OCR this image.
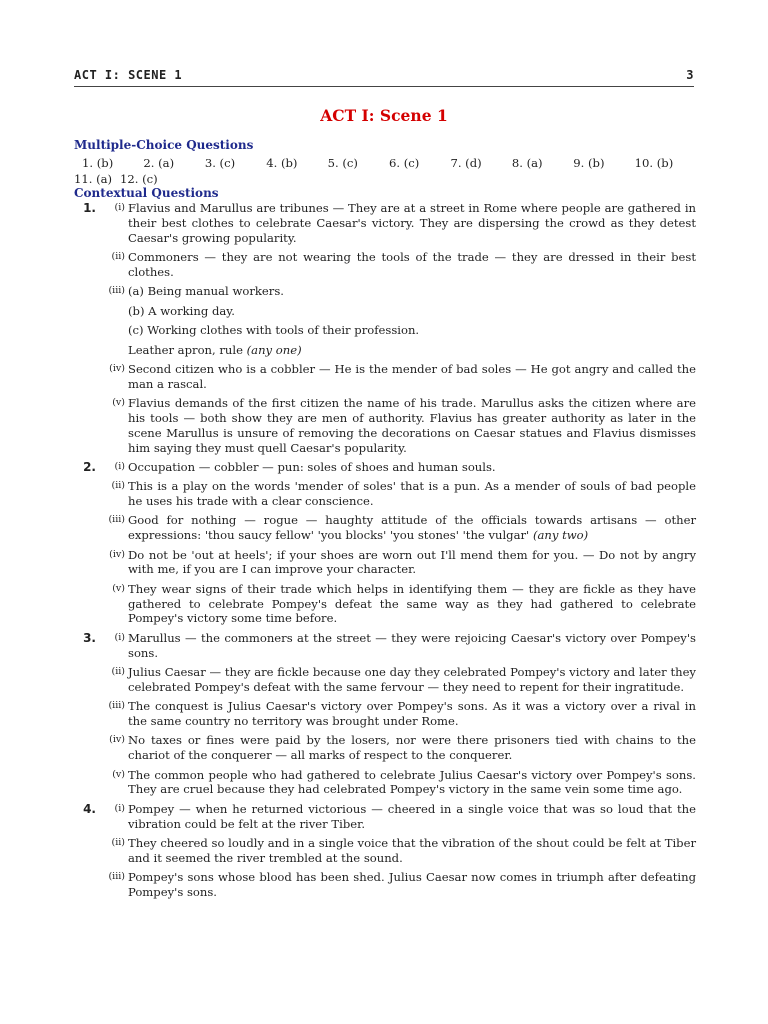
ACT I: SCENE 1	3
ACT I: Scene 1
Multiple-Choice Questions
1. (b)	2. (a)	3. (c)	4. (b)	5. (c)	6. (c)	7. (d)	8. (a)	9. (b)	10. (b)
11. (a) 12. (c)
Contextual Questions
1.	(i) Flavius and Marullus are tribunes — They are at a street in Rome where people are gathered in their best clothes to celebrate Caesar's victory. They are dispersing the crowd as they detest Caesar's growing popularity.
(ii) Commoners — they are not wearing the tools of the trade — they are dressed in their best clothes.
(iii) (a) Being manual workers.
(b) A working day.
(c) Working clothes with tools of their profession.
Leather apron, rule (any one)
(iv) Second citizen who is a cobbler — He is the mender of bad soles — He got angry and called the man a rascal.
(v) Flavius demands of the first citizen the name of his trade. Marullus asks the citizen where are his tools — both show they are men of authority. Flavius has greater authority as later in the scene Marullus is unsure of removing the decorations on Caesar statues and Flavius dismisses him saying they must quell Caesar's popularity.
2.	(i) Occupation — cobbler — pun: soles of shoes and human souls.
(ii) This is a play on the words 'mender of soles' that is a pun. As a mender of souls of bad people he uses his trade with a clear conscience.
(iii) Good for nothing — rogue — haughty attitude of the officials towards artisans — other expressions: 'thou saucy fellow' 'you blocks' 'you stones' 'the vulgar' (any two)
(iv) Do not be 'out at heels'; if your shoes are worn out I'll mend them for you. — Do not by angry with me, if you are I can improve your character.
(v) They wear signs of their trade which helps in identifying them — they are fickle as they have gathered to celebrate Pompey's defeat the same way as they had gathered to celebrate Pompey's victory some time before.
3.	(i) Marullus — the commoners at the street — they were rejoicing Caesar's victory over Pompey's sons.
(ii) Julius Caesar — they are fickle because one day they celebrated Pompey's victory and later they celebrated Pompey's defeat with the same fervour — they need to repent for their ingratitude.
(iii) The conquest is Julius Caesar's victory over Pompey's sons. As it was a victory over a rival in the same country no territory was brought under Rome.
(iv) No taxes or fines were paid by the losers, nor were there prisoners tied with chains to the chariot of the conquerer — all marks of respect to the conquerer.
(v) The common people who had gathered to celebrate Julius Caesar's victory over Pompey's sons. They are cruel because they had celebrated Pompey's victory in the same vein some time ago.
4.	(i) Pompey — when he returned victorious — cheered in a single voice that was so loud that the vibration could be felt at the river Tiber.
(ii) They cheered so loudly and in a single voice that the vibration of the shout could be felt at Tiber and it seemed the river trembled at the sound.
(iii) Pompey's sons whose blood has been shed. Julius Caesar now comes in triumph after defeating Pompey's sons.
